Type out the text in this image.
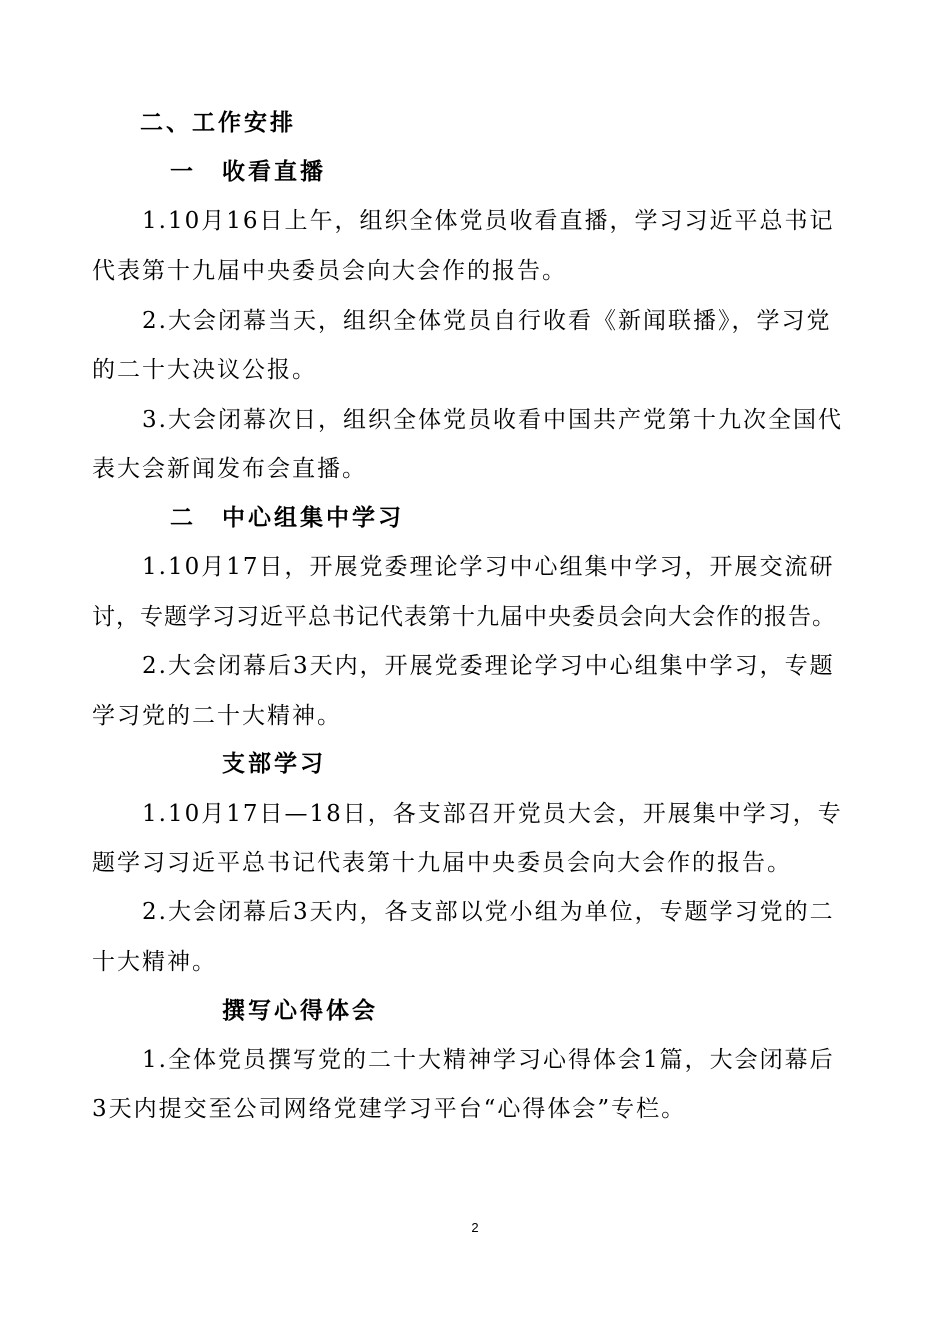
二、工作安排
一 收看直播
1.10月16日上午，组织全体党员收看直播，学习习近平总书记
代表第十九届中央委员会向大会作的报告。
2.大会闭幕当天，组织全体党员自行收看《新闻联播》，学习党
的二十大决议公报。
3.大会闭幕次日，组织全体党员收看中国共产党第十九次全国代
表大会新闻发布会直播。
二 中心组集中学习
1.10月17日，开展党委理论学习中心组集中学习，开展交流研
讨，专题学习习近平总书记代表第十九届中央委员会向大会作的报告。
2.大会闭幕后3天内，开展党委理论学习中心组集中学习，专题
学习党的二十大精神。
支部学习
1.10月17日—18日，各支部召开党员大会，开展集中学习，专
题学习习近平总书记代表第十九届中央委员会向大会作的报告。
2.大会闭幕后3天内，各支部以党小组为单位，专题学习党的二
十大精神。
撰写心得体会
1.全体党员撰写党的二十大精神学习心得体会1篇，大会闭幕后
3天内提交至公司网络党建学习平台“心得体会”专栏。
2
